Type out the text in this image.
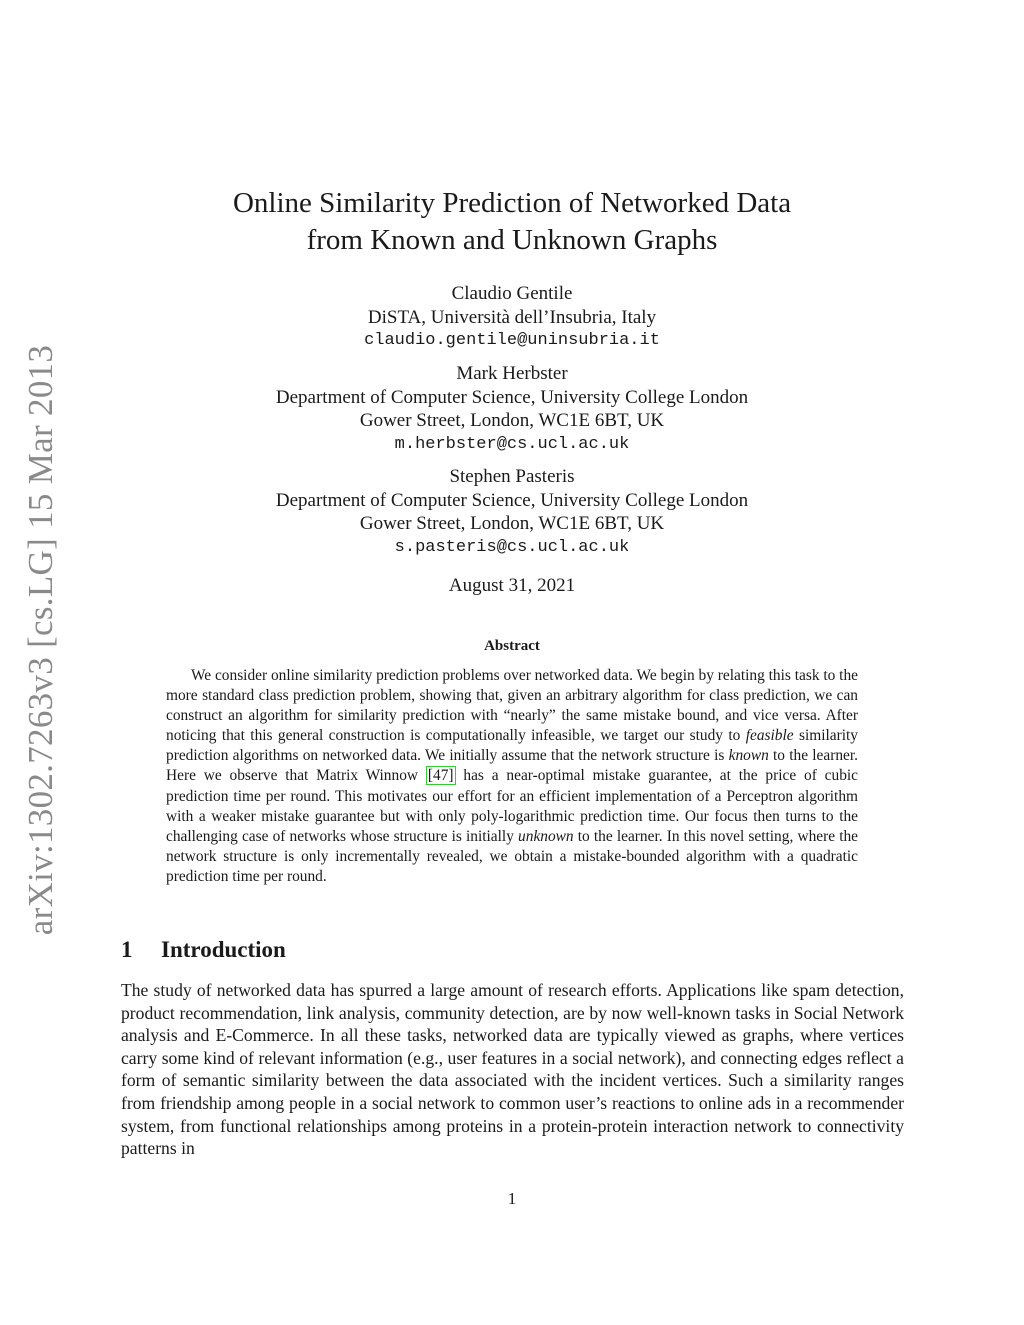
arXiv:1302.7263v3 [cs.LG] 15 Mar 2013
Online Similarity Prediction of Networked Data
from Known and Unknown Graphs
Claudio Gentile
DiSTA, Università dell’Insubria, Italy
claudio.gentile@uninsubria.it
Mark Herbster
Department of Computer Science, University College London
Gower Street, London, WC1E 6BT, UK
m.herbster@cs.ucl.ac.uk
Stephen Pasteris
Department of Computer Science, University College London
Gower Street, London, WC1E 6BT, UK
s.pasteris@cs.ucl.ac.uk
August 31, 2021
Abstract
We consider online similarity prediction problems over networked data. We begin by relating this task to the more standard class prediction problem, showing that, given an arbitrary algorithm for class prediction, we can construct an algorithm for similarity prediction with “nearly” the same mistake bound, and vice versa. After noticing that this general construction is computationally infeasible, we target our study to feasible similarity prediction algorithms on networked data. We initially assume that the network structure is known to the learner. Here we observe that Matrix Winnow [47] has a near-optimal mistake guarantee, at the price of cubic prediction time per round. This motivates our effort for an efficient implementation of a Perceptron algorithm with a weaker mistake guarantee but with only poly-logarithmic prediction time. Our focus then turns to the challenging case of networks whose structure is initially unknown to the learner. In this novel setting, where the network structure is only incrementally revealed, we obtain a mistake-bounded algorithm with a quadratic prediction time per round.
1 Introduction
The study of networked data has spurred a large amount of research efforts. Applications like spam detection, product recommendation, link analysis, community detection, are by now well-known tasks in Social Network analysis and E-Commerce. In all these tasks, networked data are typically viewed as graphs, where vertices carry some kind of relevant information (e.g., user features in a social network), and connecting edges reflect a form of semantic similarity between the data associated with the incident vertices. Such a similarity ranges from friendship among people in a social network to common user’s reactions to online ads in a recommender system, from functional relationships among proteins in a protein-protein interaction network to connectivity patterns in
1
